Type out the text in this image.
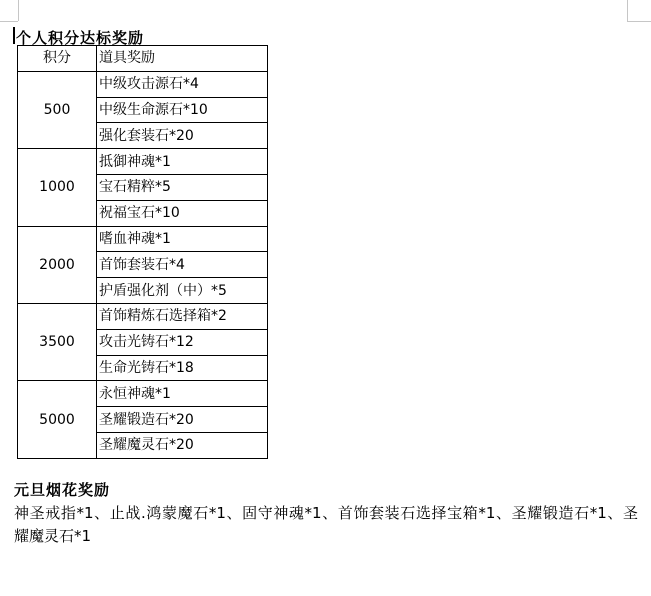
个人积分达标奖励
积分	道具奖励
500	中级攻击源石*4
	中级生命源石*10
	强化套装石*20
1000	抵御神魂*1
	宝石精粹*5
	祝福宝石*10
2000	嗜血神魂*1
	首饰套装石*4
	护盾强化剂（中）*5
3500	首饰精炼石选择箱*2
	攻击光铸石*12
	生命光铸石*18
5000	永恒神魂*1
	圣耀锻造石*20
	圣耀魔灵石*20
元旦烟花奖励
神圣戒指*1、止战.鸿蒙魔石*1、固守神魂*1、首饰套装石选择宝箱*1、圣耀锻造石*1、圣
耀魔灵石*1
